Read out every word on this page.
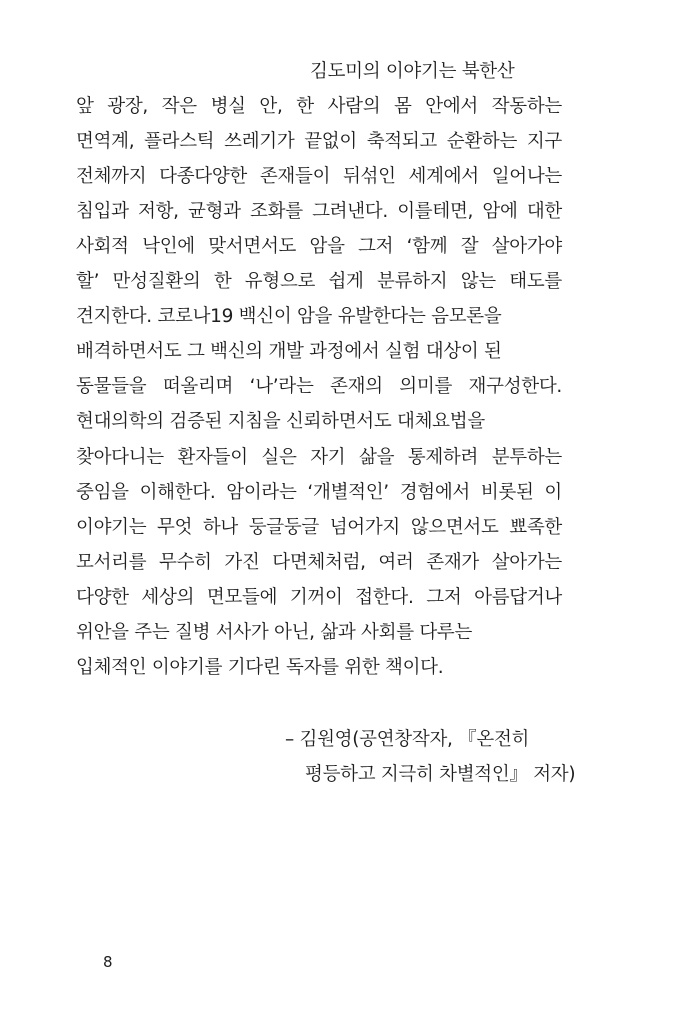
김도미의 이야기는 북한산
앞 광장, 작은 병실 안, 한 사람의 몸 안에서 작동하는
면역계, 플라스틱 쓰레기가 끝없이 축적되고 순환하는 지구
전체까지 다종다양한 존재들이 뒤섞인 세계에서 일어나는
침입과 저항, 균형과 조화를 그려낸다. 이를테면, 암에 대한
사회적 낙인에 맞서면서도 암을 그저 ‘함께 잘 살아가야
할’ 만성질환의 한 유형으로 쉽게 분류하지 않는 태도를
견지한다. 코로나19 백신이 암을 유발한다는 음모론을
배격하면서도 그 백신의 개발 과정에서 실험 대상이 된
동물들을 떠올리며 ‘나’라는 존재의 의미를 재구성한다.
현대의학의 검증된 지침을 신뢰하면서도 대체요법을
찾아다니는 환자들이 실은 자기 삶을 통제하려 분투하는
중임을 이해한다. 암이라는 ‘개별적인’ 경험에서 비롯된 이
이야기는 무엇 하나 둥글둥글 넘어가지 않으면서도 뾰족한
모서리를 무수히 가진 다면체처럼, 여러 존재가 살아가는
다양한 세상의 면모들에 기꺼이 접한다. 그저 아름답거나
위안을 주는 질병 서사가 아닌, 삶과 사회를 다루는
입체적인 이야기를 기다린 독자를 위한 책이다.
– 김원영(공연창작자, 『온전히
평등하고 지극히 차별적인』 저자)
8
